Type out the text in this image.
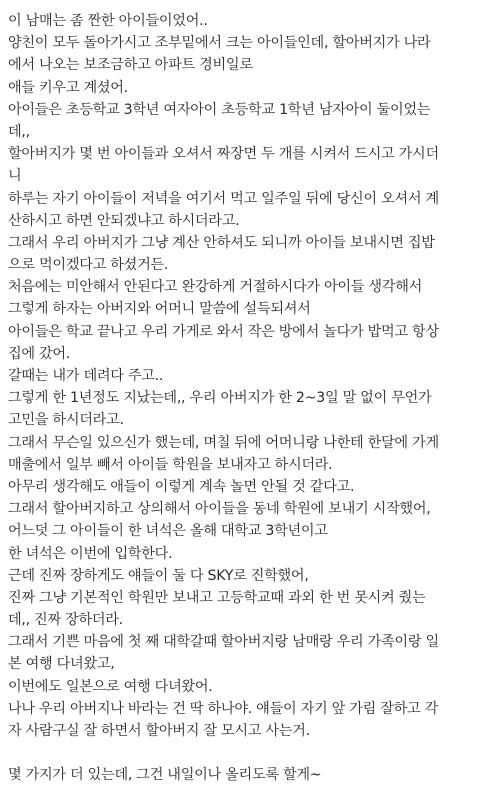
이 남매는 좀 짠한 아이들이었어..
양친이 모두 돌아가시고 조부밑에서 크는 아이들인데, 할아버지가 나라
에서 나오는 보조금하고 아파트 경비일로
애들 키우고 계셨어.
아이들은 초등학교 3학년 여자아이 초등학교 1학년 남자아이 둘이었는
데,,
할아버지가 몇 번 아이들과 오셔서 짜장면 두 개를 시켜서 드시고 가시더
니
하루는 자기 아이들이 저녁을 여기서 먹고 일주일 뒤에 당신이 오셔서 계
산하시고 하면 안되겠냐고 하시더라고.
그래서 우리 아버지가 그냥 계산 안하셔도 되니까 아이들 보내시면 집밥
으로 먹이겠다고 하셨거든.
처음에는 미안해서 안된다고 완강하게 거절하시다가 아이들 생각해서
그렇게 하자는 아버지와 어머니 말씀에 설득되셔서
아이들은 학교 끝나고 우리 가게로 와서 작은 방에서 놀다가 밥먹고 항상
집에 갔어.
갈때는 내가 데려다 주고..
그렇게 한 1년정도 지났는데,, 우리 아버지가 한 2~3일 말 없이 무언가
고민을 하시더라고.
그래서 무슨일 있으신가 했는데, 며칠 뒤에 어머니랑 나한테 한달에 가게
매출에서 일부 빼서 아이들 학원을 보내자고 하시더라.
아무리 생각해도 애들이 이렇게 계속 놀면 안될 것 같다고.
그래서 할아버지하고 상의해서 아이들을 동네 학원에 보내기 시작했어,
어느덧 그 아이들이 한 녀석은 올해 대학교 3학년이고
한 녀석은 이번에 입학한다.
근데 진짜 장하게도 얘들이 둘 다 SKY로 진학했어,
진짜 그냥 기본적인 학원만 보내고 고등학교때 과외 한 번 못시켜 줬는
데,, 진짜 장하더라.
그래서 기쁜 마음에 첫 째 대학갈때 할아버지랑 남매랑 우리 가족이랑 일
본 여행 다녀왔고,
이번에도 일본으로 여행 다녀왔어.
나나 우리 아버지나 바라는 건 딱 하나야. 얘들이 자기 앞 가림 잘하고 각
자 사람구실 잘 하면서 할아버지 잘 모시고 사는거.
몇 가지가 더 있는데, 그건 내일이나 올리도록 할게~
